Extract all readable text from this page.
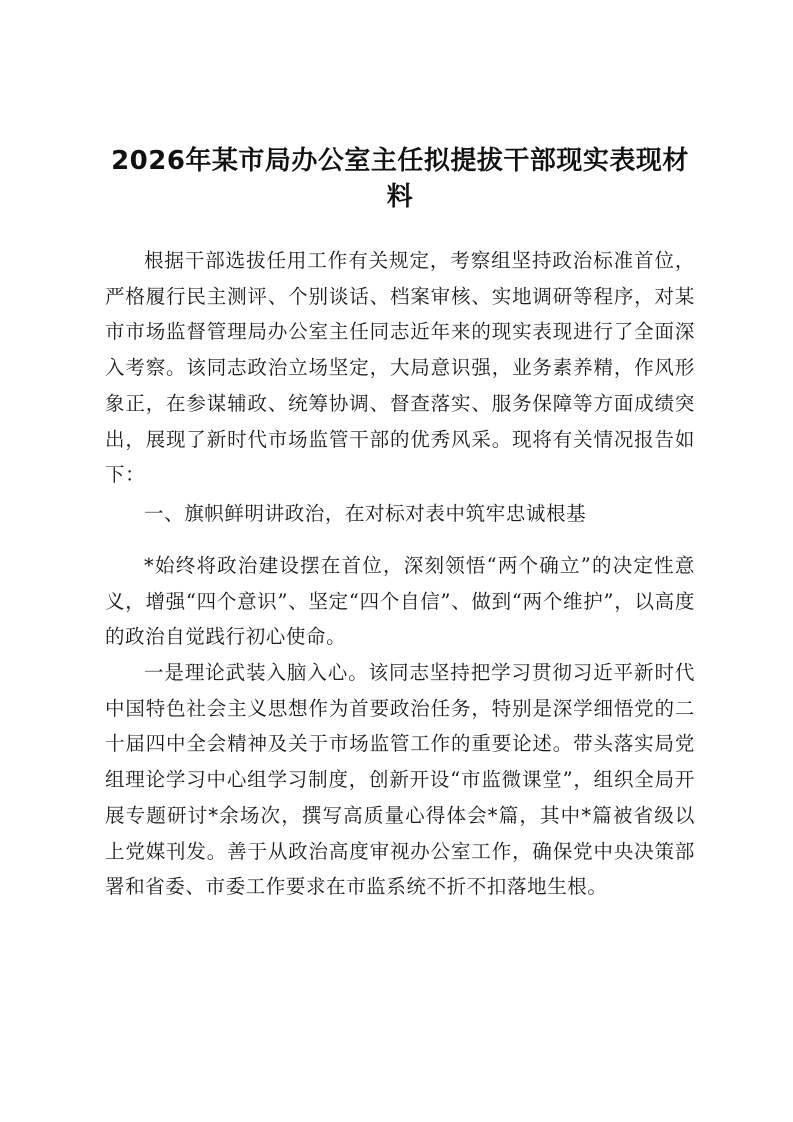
2026年某市局办公室主任拟提拔干部现实表现材料

根据干部选拔任用工作有关规定，考察组坚持政治标准首位，严格履行民主测评、个别谈话、档案审核、实地调研等程序，对某市市场监督管理局办公室主任同志近年来的现实表现进行了全面深入考察。该同志政治立场坚定，大局意识强，业务素养精，作风形象正，在参谋辅政、统筹协调、督查落实、服务保障等方面成绩突出，展现了新时代市场监管干部的优秀风采。现将有关情况报告如下：

一、旗帜鲜明讲政治，在对标对表中筑牢忠诚根基

*始终将政治建设摆在首位，深刻领悟“两个确立”的决定性意义，增强“四个意识”、坚定“四个自信”、做到“两个维护”，以高度的政治自觉践行初心使命。

一是理论武装入脑入心。该同志坚持把学习贯彻习近平新时代中国特色社会主义思想作为首要政治任务，特别是深学细悟党的二十届四中全会精神及关于市场监管工作的重要论述。带头落实局党组理论学习中心组学习制度，创新开设“市监微课堂”，组织全局开展专题研讨*余场次，撰写高质量心得体会*篇，其中*篇被省级以上党媒刊发。善于从政治高度审视办公室工作，确保党中央决策部署和省委、市委工作要求在市监系统不折不扣落地生根。
